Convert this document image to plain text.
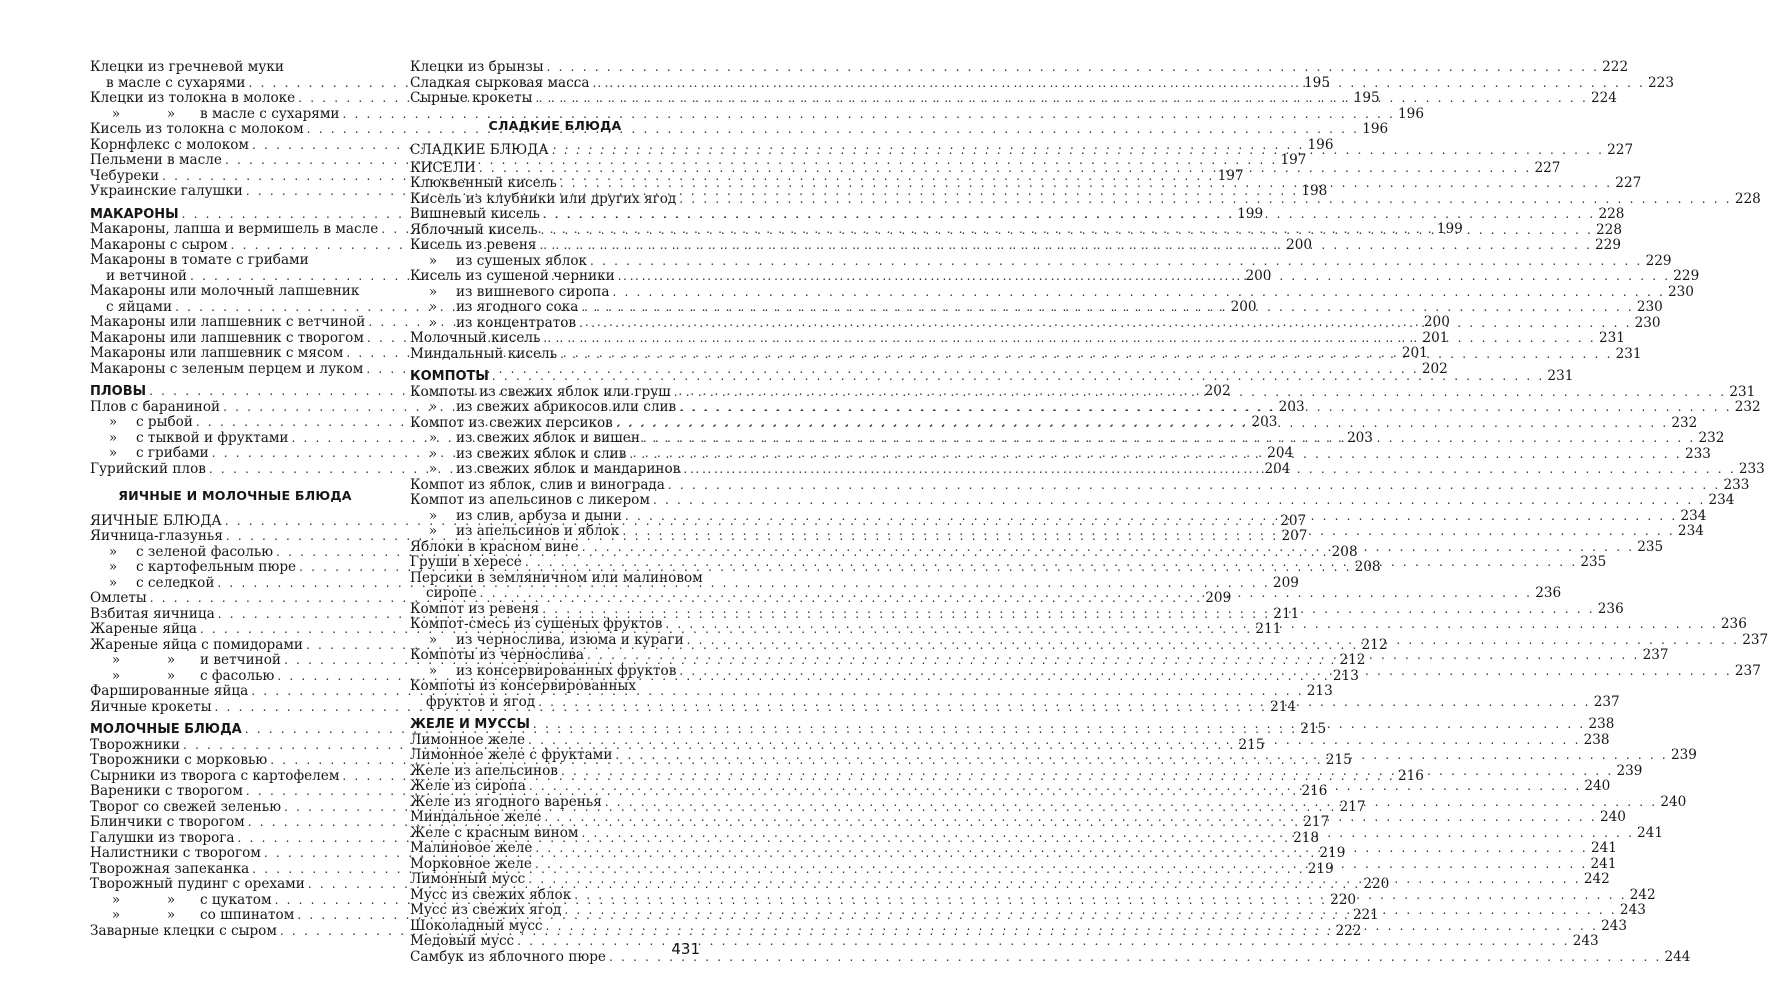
Клецки из гречневой муки
в масле с сухарями . . .	195
Клецки из толокна в молоке . . .	195
»	» в масле с сухарями . . .	196
Кисель из толокна с молоком . . .	196
Корнфлекс с молоком . . .	196
Пельмени в масле . . .	197
Чебуреки . . .	197
Украинские галушки . . .	198
МАКАРОНЫ . . .	199
Макароны, лапша и вермишель в масле . . .	199
Макароны с сыром . . .	200
Макароны в томате с грибами
и ветчиной . . .	200
Макароны или молочный лапшевник
с яйцами . . .	200
Макароны или лапшевник с ветчиной . . .	200
Макароны или лапшевник с творогом . . .	201
Макароны или лапшевник с мясом . . .	201
Макароны с зеленым перцем и луком . . .	202
ПЛОВЫ . . .	202
Плов с бараниной . . .	203
» с рыбой . . .	203
» с тыквой и фруктами . . .	203
» с грибами . . .	204
Гурийский плов . . .	204
ЯИЧНЫЕ И МОЛОЧНЫЕ БЛЮДА
ЯИЧНЫЕ БЛЮДА . . .	207
Яичница-глазунья . . .	207
» с зеленой фасолью . . .	208
» с картофельным пюре . . .	208
» с селедкой . . .	209
Омлеты . . .	209
Взбитая яичница . . .	211
Жареные яйца . . .	211
Жареные яйца с помидорами . . .	212
»	» и ветчиной . . .	212
»	» с фасолью . . .	213
Фаршированные яйца . . .	213
Яичные крокеты . . .	214
МОЛОЧНЫЕ БЛЮДА . . .	215
Творожники . . .	215
Творожники с морковью . . .	215
Сырники из творога с картофелем . . .	216
Вареники с творогом . . .	216
Творог со свежей зеленью . . .	217
Блинчики с творогом . . .	217
Галушки из творога . . .	218
Налистники с творогом . . .	219
Творожная запеканка . . .	219
Творожный пудинг с орехами . . .	220
»	» с цукатом . . .	220
»	» со шпинатом . . .	221
Заварные клецки с сыром . . .	222
Клецки из брынзы . . .	222
Сладкая сырковая масса . . .	223
Сырные крокеты . . .	224
СЛАДКИЕ БЛЮДА
СЛАДКИЕ БЛЮДА . . .	227
КИСЕЛИ . . .	227
Клюквенный кисель . . .	227
Кисель из клубники или других ягод . . .	228
Вишневый кисель . . .	228
Яблочный кисель . . .	228
Кисель из ревеня . . .	229
» из сушеных яблок . . .	229
Кисель из сушеной черники . . .	229
» из вишневого сиропа . . .	230
» из ягодного сока . . .	230
» из концентратов . . .	230
Молочный кисель . . .	231
Миндальный кисель . . .	231
КОМПОТЫ . . .	231
Компоты из свежих яблок или груш . . .	231
» из свежих абрикосов или слив . . .	232
Компот из свежих персиков . . .	232
» из свежих яблок и вишен . . .	232
» из свежих яблок и слив . . .	233
» из свежих яблок и мандаринов . . .	233
Компот из яблок, слив и винограда . . .	233
Компот из апельсинов с ликером . . .	234
» из слив, арбуза и дыни . . .	234
» из апельсинов и яблок . . .	234
Яблоки в красном вине . . .	235
Груши в хересе . . .	235
Персики в земляничном или малиновом
сиропе . . .	236
Компот из ревеня . . .	236
Компот-смесь из сушеных фруктов . . .	236
» из чернослива, изюма и кураги . . .	237
Компоты из чернослива . . .	237
» из консервированных фруктов . . .	237
Компоты из консервированных
фруктов и ягод . . .	237
ЖЕЛЕ И МУССЫ . . .	238
Лимонное желе . . .	238
Лимонное желе с фруктами . . .	239
Желе из апельсинов . . .	239
Желе из сиропа . . .	240
Желе из ягодного варенья . . .	240
Миндальное желе . . .	240
Желе с красным вином . . .	241
Малиновое желе . . .	241
Морковное желе . . .	241
Лимонный мусс . . .	242
Мусс из свежих яблок . . .	242
Мусс из свежих ягод . . .	243
Шоколадный мусс . . .	243
Медовый мусс . . .	243
Самбук из яблочного пюре . . .	244
431
